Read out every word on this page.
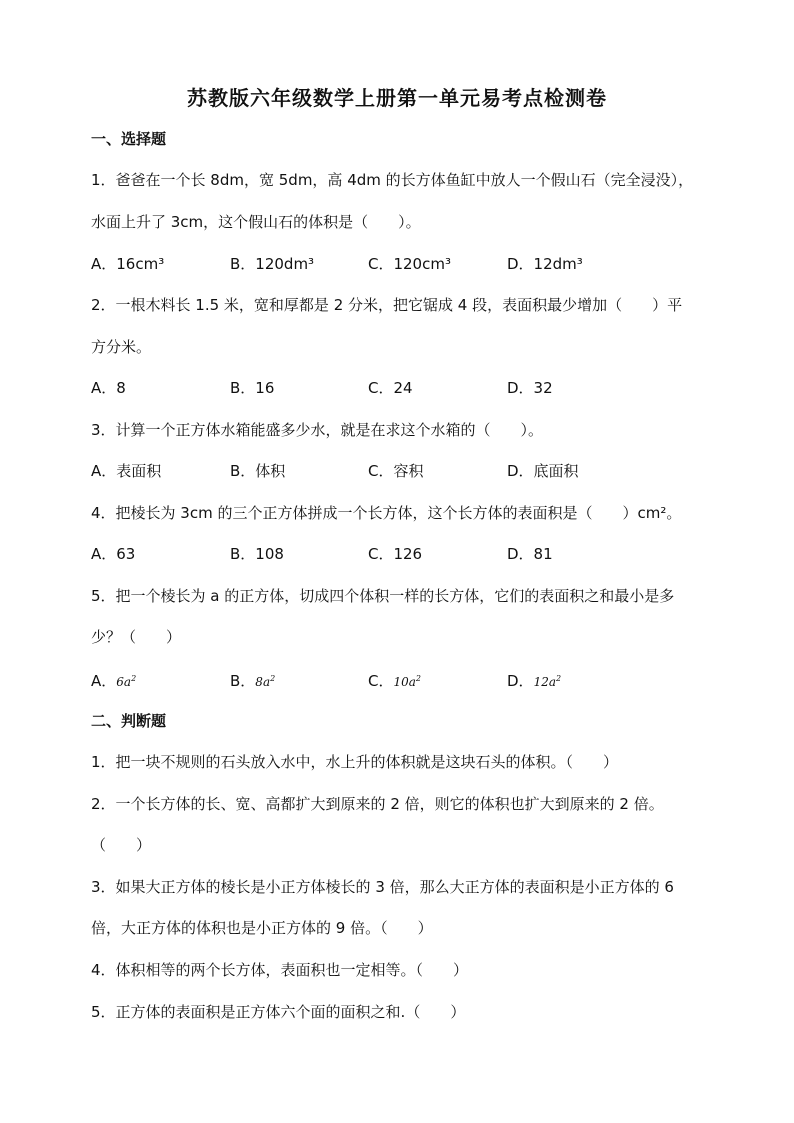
苏教版六年级数学上册第一单元易考点检测卷
一、选择题
1．爸爸在一个长 8dm，宽 5dm，高 4dm 的长方体鱼缸中放人一个假山石（完全浸没），
水面上升了 3cm，这个假山石的体积是（　　）。
A．16cm³	B．120dm³	C．120cm³	D．12dm³
2．一根木料长 1.5 米，宽和厚都是 2 分米，把它锯成 4 段，表面积最少增加（　　）平
方分米。
A．8	B．16	C．24	D．32
3．计算一个正方体水箱能盛多少水，就是在求这个水箱的（　　）。
A．表面积	B．体积	C．容积	D．底面积
4．把棱长为 3cm 的三个正方体拼成一个长方体，这个长方体的表面积是（　　）cm²。
A．63	B．108	C．126	D．81
5．把一个棱长为 a 的正方体，切成四个体积一样的长方体，它们的表面积之和最小是多
少？（　　）
A．$6a^2$	B．$8a^2$	C．$10a^2$	D．$12a^2$
二、判断题
1．把一块不规则的石头放入水中，水上升的体积就是这块石头的体积。（　　）
2．一个长方体的长、宽、高都扩大到原来的 2 倍，则它的体积也扩大到原来的 2 倍。
（　　）
3．如果大正方体的棱长是小正方体棱长的 3 倍，那么大正方体的表面积是小正方体的 6
倍，大正方体的体积也是小正方体的 9 倍。（　　）
4．体积相等的两个长方体，表面积也一定相等。（　　）
5．正方体的表面积是正方体六个面的面积之和.（　　）
